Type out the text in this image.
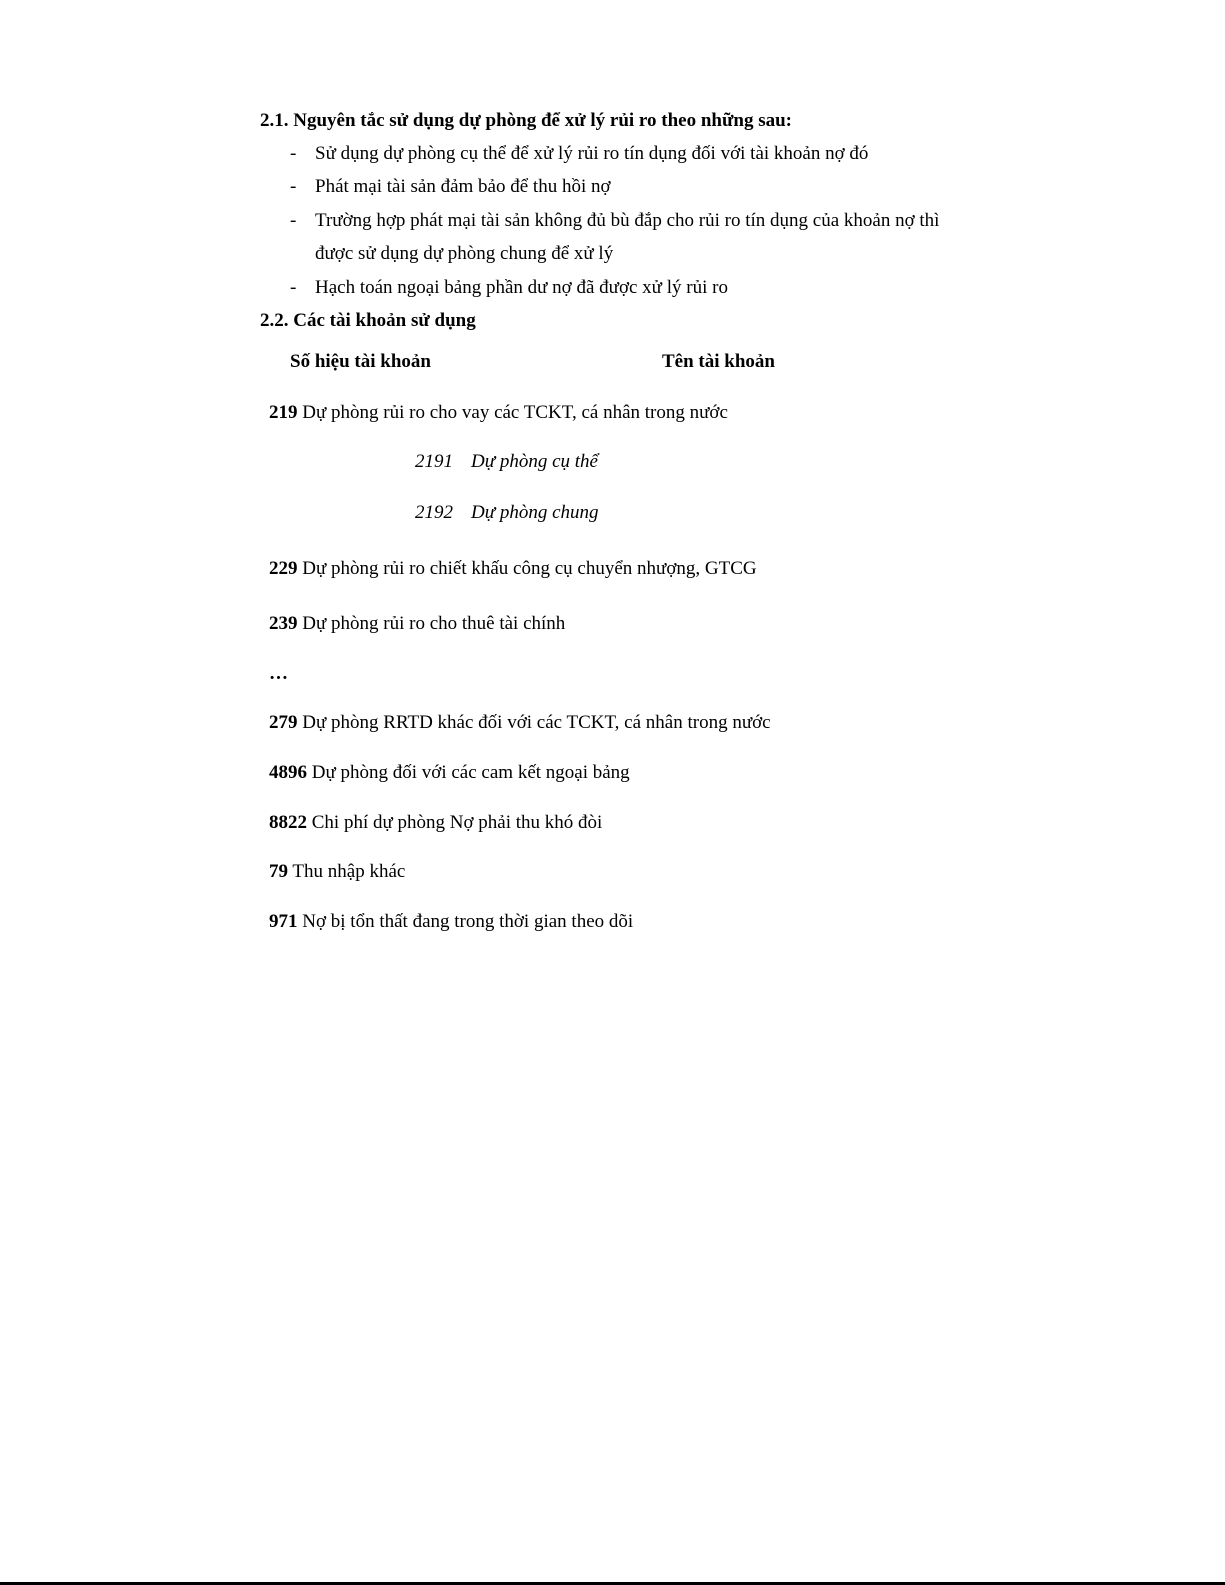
2.1. Nguyên tắc sử dụng dự phòng để xử lý rủi ro theo những sau:
- Sử dụng dự phòng cụ thể để xử lý rủi ro tín dụng đối với tài khoản nợ đó
- Phát mại tài sản đảm bảo để thu hồi nợ
- Trường hợp phát mại tài sản không đủ bù đắp cho rủi ro tín dụng của khoản nợ thì
được sử dụng dự phòng chung để xử lý
- Hạch toán ngoại bảng phần dư nợ đã được xử lý rủi ro
2.2. Các tài khoản sử dụng
Số hiệu tài khoản	Tên tài khoản
219 Dự phòng rủi ro cho vay các TCKT, cá nhân trong nước
2191 Dự phòng cụ thể
2192 Dự phòng chung
229 Dự phòng rủi ro chiết khấu công cụ chuyển nhượng, GTCG
239 Dự phòng rủi ro cho thuê tài chính
…
279 Dự phòng RRTD khác đối với các TCKT, cá nhân trong nước
4896 Dự phòng đối với các cam kết ngoại bảng
8822 Chi phí dự phòng Nợ phải thu khó đòi
79 Thu nhập khác
971 Nợ bị tổn thất đang trong thời gian theo dõi
